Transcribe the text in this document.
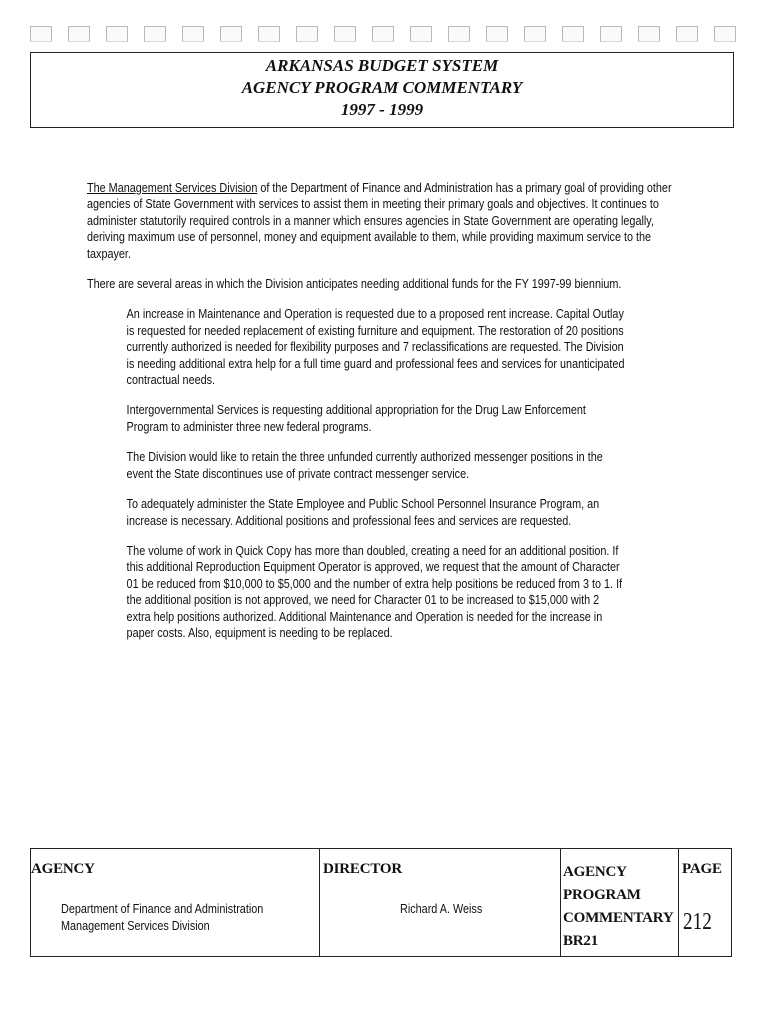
ARKANSAS BUDGET SYSTEM
AGENCY PROGRAM COMMENTARY
1997 - 1999

The Management Services Division of the Department of Finance and Administration has a primary goal of providing other agencies of State Government with services to assist them in meeting their primary goals and objectives. It continues to administer statutorily required controls in a manner which ensures agencies in State Government are operating legally, deriving maximum use of personnel, money and equipment available to them, while providing maximum service to the taxpayer.

There are several areas in which the Division anticipates needing additional funds for the FY 1997-99 biennium.

An increase in Maintenance and Operation is requested due to a proposed rent increase. Capital Outlay is requested for needed replacement of existing furniture and equipment. The restoration of 20 positions currently authorized is needed for flexibility purposes and 7 reclassifications are requested. The Division is needing additional extra help for a full time guard and professional fees and services for unanticipated contractual needs.

Intergovernmental Services is requesting additional appropriation for the Drug Law Enforcement Program to administer three new federal programs.

The Division would like to retain the three unfunded currently authorized messenger positions in the event the State discontinues use of private contract messenger service.

To adequately administer the State Employee and Public School Personnel Insurance Program, an increase is necessary. Additional positions and professional fees and services are requested.

The volume of work in Quick Copy has more than doubled, creating a need for an additional position. If this additional Reproduction Equipment Operator is approved, we request that the amount of Character 01 be reduced from $10,000 to $5,000 and the number of extra help positions be reduced from 3 to 1. If the additional position is not approved, we need for Character 01 to be increased to $15,000 with 2 extra help positions authorized. Additional Maintenance and Operation is needed for the increase in paper costs. Also, equipment is needing to be replaced.

AGENCY
Department of Finance and Administration
Management Services Division
DIRECTOR
Richard A. Weiss
AGENCY
PROGRAM
COMMENTARY
BR21
PAGE
212
